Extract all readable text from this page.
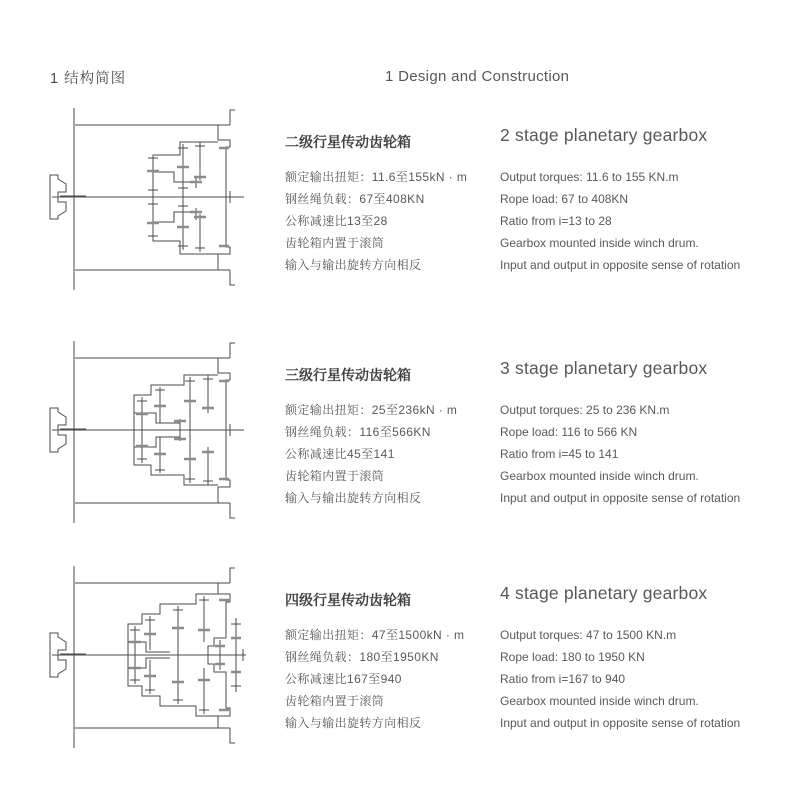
1 结构简图	1 Design and Construction
二级行星传动齿轮箱
额定输出扭矩：11.6至155kN · m
钢丝绳负载：67至408KN
公称减速比13至28
齿轮箱内置于滚筒
输入与输出旋转方向相反
2 stage planetary gearbox
Output torques: 11.6 to 155 KN.m
Rope load: 67 to 408KN
Ratio from i=13 to 28
Gearbox mounted inside winch drum.
Input and output in opposite sense of rotation
三级行星传动齿轮箱
额定输出扭矩：25至236kN · m
钢丝绳负载：116至566KN
公称减速比45至141
齿轮箱内置于滚筒
输入与输出旋转方向相反
3 stage planetary gearbox
Output torques: 25 to 236 KN.m
Rope load: 116 to 566 KN
Ratio from i=45 to 141
Gearbox mounted inside winch drum.
Input and output in opposite sense of rotation
四级行星传动齿轮箱
额定输出扭矩：47至1500kN · m
钢丝绳负载：180至1950KN
公称减速比167至940
齿轮箱内置于滚筒
输入与输出旋转方向相反
4 stage planetary gearbox
Output torques: 47 to 1500 KN.m
Rope load: 180 to 1950 KN
Ratio from i=167 to 940
Gearbox mounted inside winch drum.
Input and output in opposite sense of rotation
